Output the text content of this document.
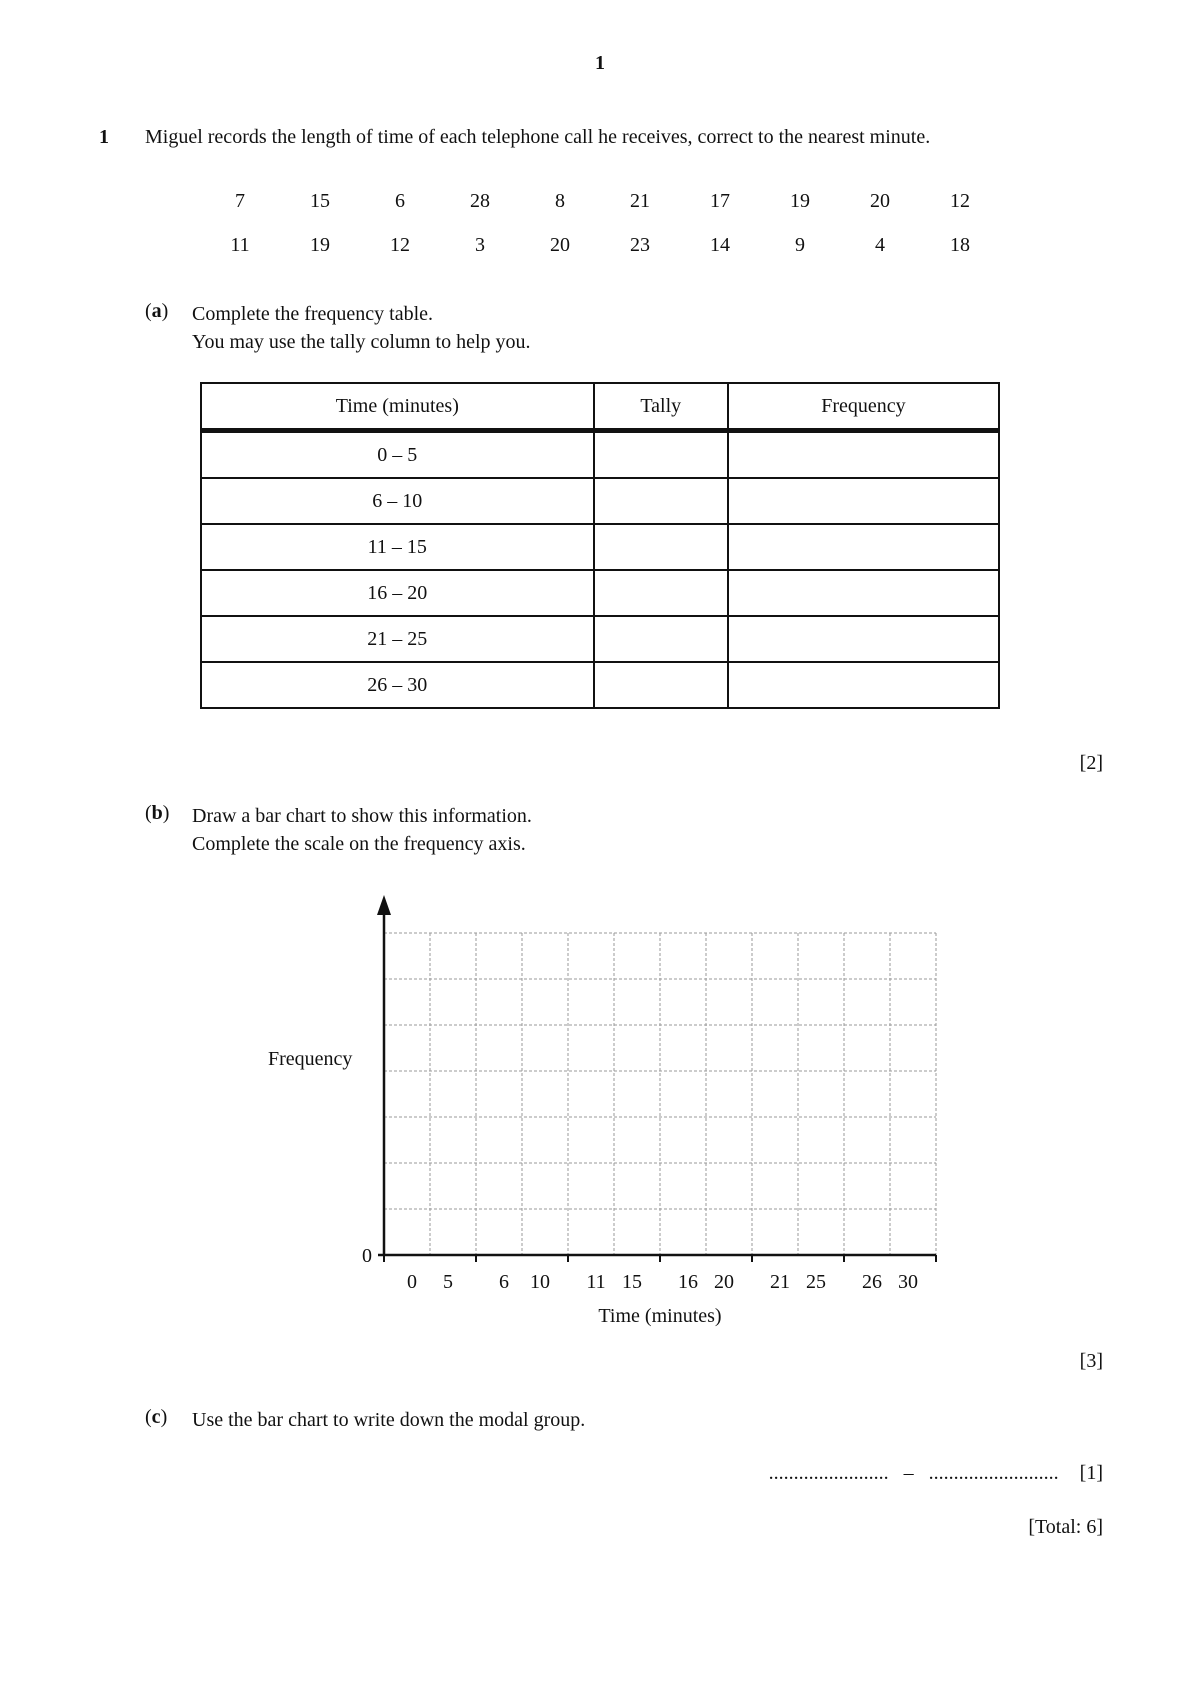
1
1 Miguel records the length of time of each telephone call he receives, correct to the nearest minute.
7	15	6	28	8	21	17	19	20	12
11	19	12	3	20	23	14	9	4	18
(a) Complete the frequency table.
You may use the tally column to help you.
Time (minutes)	Tally	Frequency
0 – 5		
6 – 10		
11 – 15		
16 – 20		
21 – 25		
26 – 30		
[2]
(b) Draw a bar chart to show this information.
Complete the scale on the frequency axis.
0
Frequency
Time (minutes)
0 5 6 10 11 15 16 20 21 25 26 30
[3]
(c) Use the bar chart to write down the modal group.
........................ – .......................... [1]
[Total: 6]
